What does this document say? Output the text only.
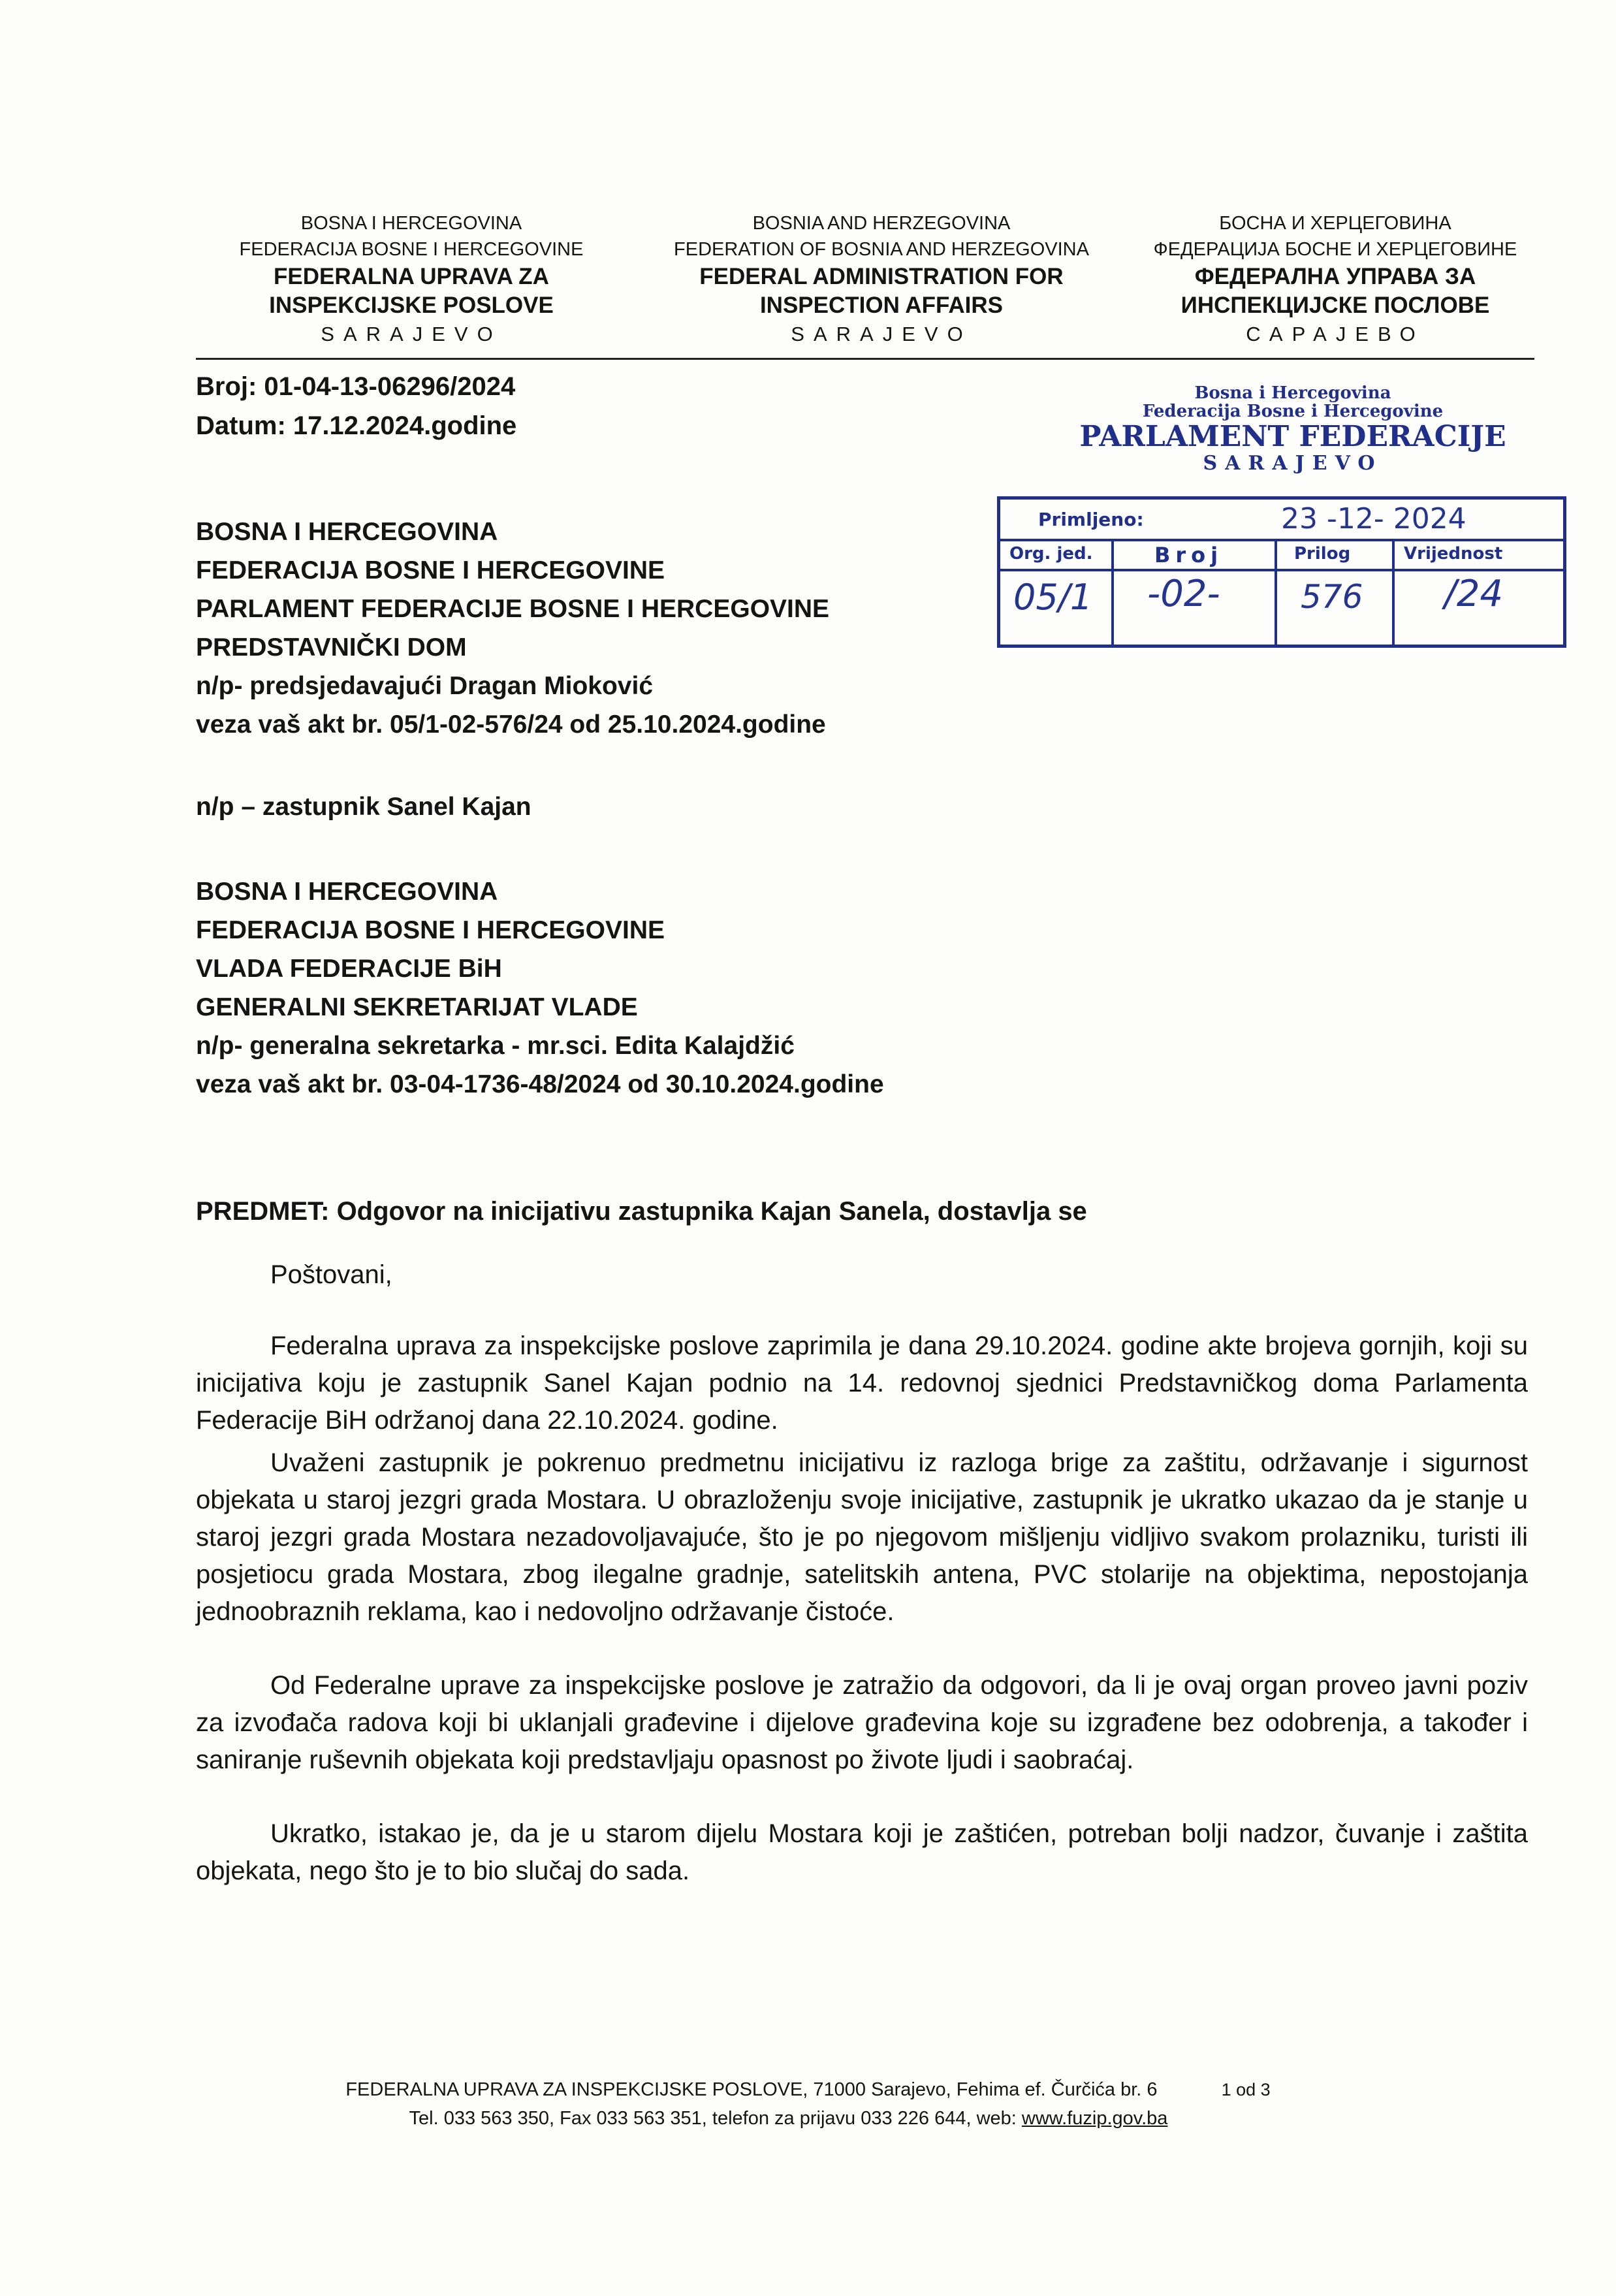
BOSNA I HERCEGOVINA
FEDERACIJA BOSNE I HERCEGOVINE
FEDERALNA UPRAVA ZA
INSPEKCIJSKE POSLOVE
SARAJEVO
BOSNIA AND HERZEGOVINA
FEDERATION OF BOSNIA AND HERZEGOVINA
FEDERAL ADMINISTRATION FOR
INSPECTION AFFAIRS
SARAJEVO
БОСНА И ХЕРЦЕГОВИНА
ФЕДЕРАЦИЈА БОСНЕ И ХЕРЦЕГОВИНЕ
ФЕДЕРАЛНА УПРАВА ЗА
ИНСПЕКЦИЈСКЕ ПОСЛОВЕ
САРАЈЕВО
Broj: 01-04-13-06296/2024
Datum: 17.12.2024.godine
Bosna i Hercegovina
Federacija Bosne i Hercegovine
PARLAMENT FEDERACIJE
SARAJEVO
Primljeno:	23 -12- 2024
Org. jed.	Broj	Prilog	Vrijednost
05/1 -02- 576 /24
BOSNA I HERCEGOVINA
FEDERACIJA BOSNE I HERCEGOVINE
PARLAMENT FEDERACIJE BOSNE I HERCEGOVINE
PREDSTAVNIČKI DOM
n/p- predsjedavajući Dragan Mioković
veza vaš akt br. 05/1-02-576/24 od 25.10.2024.godine
n/p – zastupnik Sanel Kajan
BOSNA I HERCEGOVINA
FEDERACIJA BOSNE I HERCEGOVINE
VLADA FEDERACIJE BiH
GENERALNI SEKRETARIJAT VLADE
n/p- generalna sekretarka - mr.sci. Edita Kalajdžić
veza vaš akt br. 03-04-1736-48/2024 od 30.10.2024.godine
PREDMET: Odgovor na inicijativu zastupnika Kajan Sanela, dostavlja se
Poštovani,

Federalna uprava za inspekcijske poslove zaprimila je dana 29.10.2024. godine akte brojeva gornjih, koji su inicijativa koju je zastupnik Sanel Kajan podnio na 14. redovnoj sjednici Predstavničkog doma Parlamenta Federacije BiH održanoj dana 22.10.2024. godine.

Uvaženi zastupnik je pokrenuo predmetnu inicijativu iz razloga brige za zaštitu, održavanje i sigurnost objekata u staroj jezgri grada Mostara. U obrazloženju svoje inicijative, zastupnik je ukratko ukazao da je stanje u staroj jezgri grada Mostara nezadovoljavajuće, što je po njegovom mišljenju vidljivo svakom prolazniku, turisti ili posjetiocu grada Mostara, zbog ilegalne gradnje, satelitskih antena, PVC stolarije na objektima, nepostojanja jednoobraznih reklama, kao i nedovoljno održavanje čistoće.

Od Federalne uprave za inspekcijske poslove je zatražio da odgovori, da li je ovaj organ proveo javni poziv za izvođača radova koji bi uklanjali građevine i dijelove građevina koje su izgrađene bez odobrenja, a također i saniranje ruševnih objekata koji predstavljaju opasnost po živote ljudi i saobraćaj.

Ukratko, istakao je, da je u starom dijelu Mostara koji je zaštićen, potreban bolji nadzor, čuvanje i zaštita objekata, nego što je to bio slučaj do sada.

FEDERALNA UPRAVA ZA INSPEKCIJSKE POSLOVE, 71000 Sarajevo, Fehima ef. Čurčića br. 6	1 od 3
Tel. 033 563 350, Fax 033 563 351, telefon za prijavu 033 226 644, web: www.fuzip.gov.ba
